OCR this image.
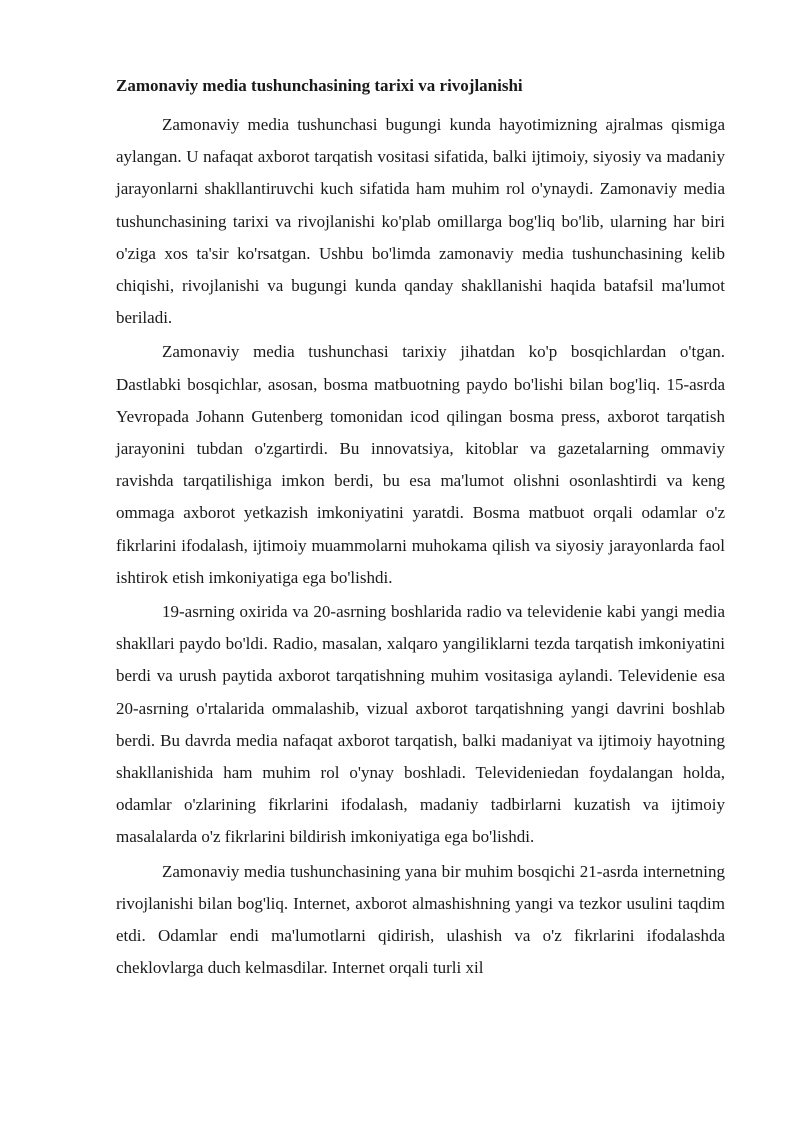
Zamonaviy media tushunchasining tarixi va rivojlanishi

Zamonaviy media tushunchasi bugungi kunda hayotimizning ajralmas qismiga aylangan. U nafaqat axborot tarqatish vositasi sifatida, balki ijtimoiy, siyosiy va madaniy jarayonlarni shakllantiruvchi kuch sifatida ham muhim rol o'ynaydi. Zamonaviy media tushunchasining tarixi va rivojlanishi ko'plab omillarga bog'liq bo'lib, ularning har biri o'ziga xos ta'sir ko'rsatgan. Ushbu bo'limda zamonaviy media tushunchasining kelib chiqishi, rivojlanishi va bugungi kunda qanday shakllanishi haqida batafsil ma'lumot beriladi.

Zamonaviy media tushunchasi tarixiy jihatdan ko'p bosqichlardan o'tgan. Dastlabki bosqichlar, asosan, bosma matbuotning paydo bo'lishi bilan bog'liq. 15-asrda Yevropada Johann Gutenberg tomonidan icod qilingan bosma press, axborot tarqatish jarayonini tubdan o'zgartirdi. Bu innovatsiya, kitoblar va gazetalarning ommaviy ravishda tarqatilishiga imkon berdi, bu esa ma'lumot olishni osonlashtirdi va keng ommaga axborot yetkazish imkoniyatini yaratdi. Bosma matbuot orqali odamlar o'z fikrlarini ifodalash, ijtimoiy muammolarni muhokama qilish va siyosiy jarayonlarda faol ishtirok etish imkoniyatiga ega bo'lishdi.

19-asrning oxirida va 20-asrning boshlarida radio va televidenie kabi yangi media shakllari paydo bo'ldi. Radio, masalan, xalqaro yangiliklarni tezda tarqatish imkoniyatini berdi va urush paytida axborot tarqatishning muhim vositasiga aylandi. Televidenie esa 20-asrning o'rtalarida ommalashib, vizual axborot tarqatishning yangi davrini boshlab berdi. Bu davrda media nafaqat axborot tarqatish, balki madaniyat va ijtimoiy hayotning shakllanishida ham muhim rol o'ynay boshladi. Televideniedan foydalangan holda, odamlar o'zlarining fikrlarini ifodalash, madaniy tadbirlarni kuzatish va ijtimoiy masalalarda o'z fikrlarini bildirish imkoniyatiga ega bo'lishdi.

Zamonaviy media tushunchasining yana bir muhim bosqichi 21-asrda internetning rivojlanishi bilan bog'liq. Internet, axborot almashishning yangi va tezkor usulini taqdim etdi. Odamlar endi ma'lumotlarni qidirish, ulashish va o'z fikrlarini ifodalashda cheklovlarga duch kelmasdilar. Internet orqali turli xil
